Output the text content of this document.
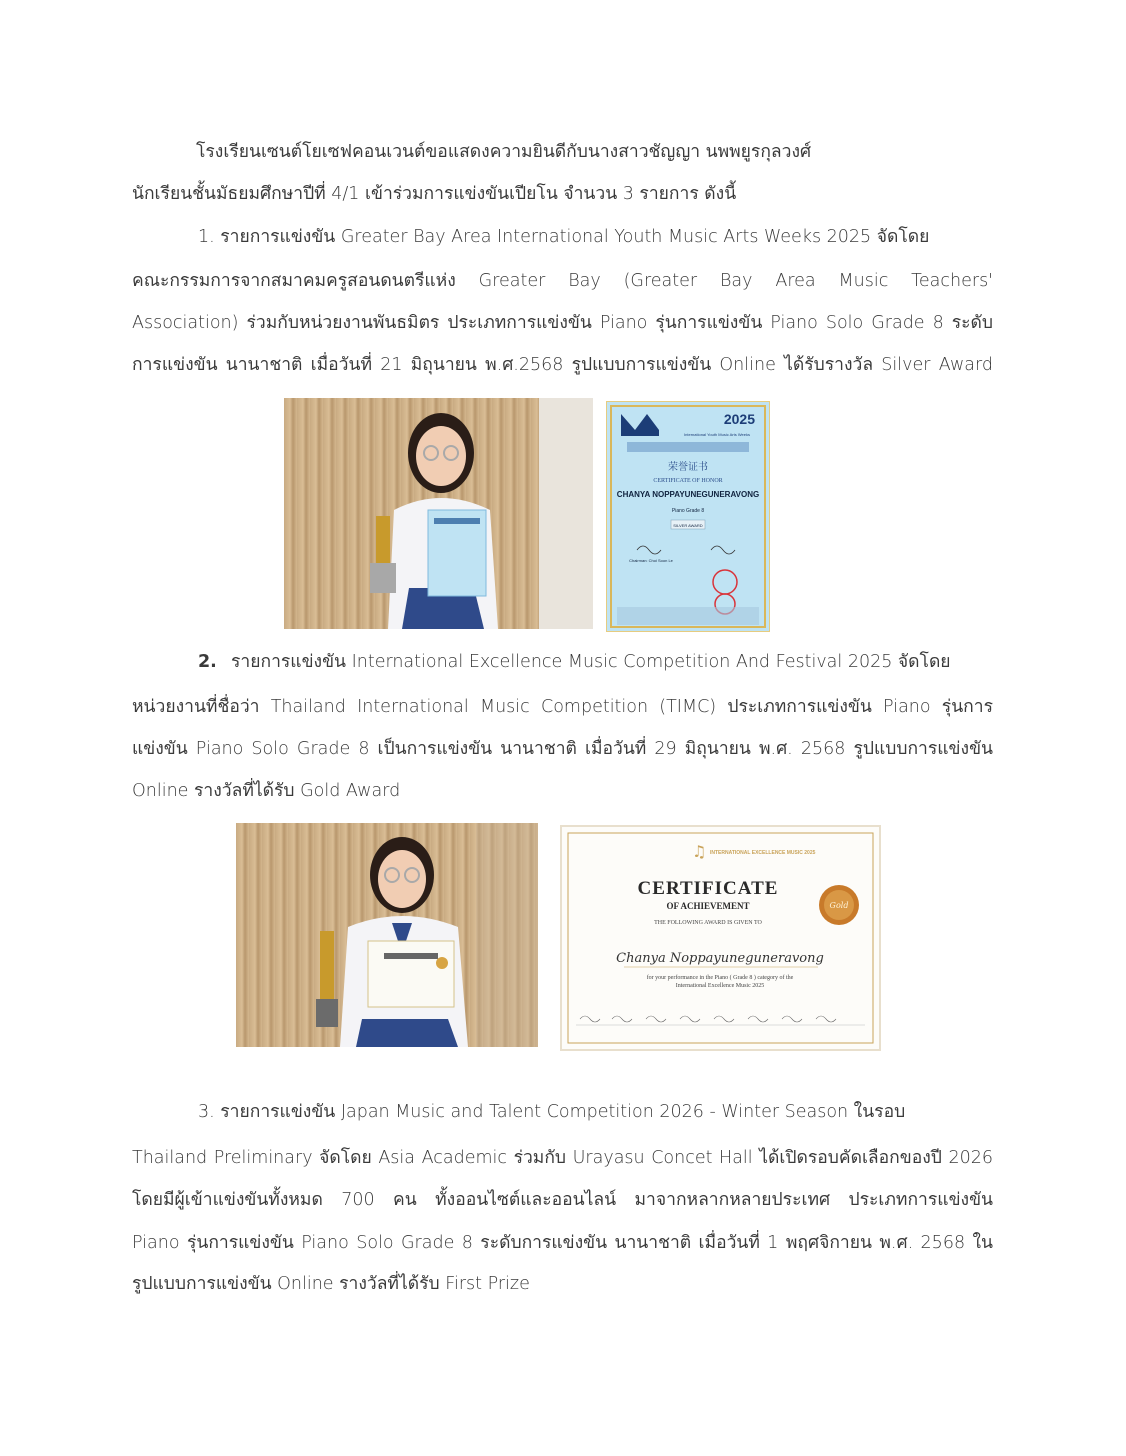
โรงเรียนเซนต์โยเซฟคอนเวนต์ขอแสดงความยินดีกับนางสาวชัญญา นพพยูรกุลวงศ์
นักเรียนชั้นมัธยมศึกษาปีที่ 4/1 เข้าร่วมการแข่งขันเปียโน จำนวน 3 รายการ ดังนี้
1. รายการแข่งขัน Greater Bay Area International Youth Music Arts Weeks 2025 จัดโดย
คณะกรรมการจากสมาคมครูสอนดนตรีแห่ง Greater Bay (Greater Bay Area Music Teachers'
Association) ร่วมกับหน่วยงานพันธมิตร ประเภทการแข่งขัน Piano รุ่นการแข่งขัน Piano Solo Grade 8 ระดับ
การแข่งขัน นานาชาติ เมื่อวันที่ 21 มิถุนายน พ.ศ.2568 รูปแบบการแข่งขัน Online ได้รับรางวัล Silver Award
2025
International Youth Music Arts Weeks
荣誉证书
CERTIFICATE OF HONOR
CHANYA NOPPAYUNEGUNERAVONG
Piano Grade 8
SILVER AWARD
Chairman: Choi Soon Le
2. รายการแข่งขัน International Excellence Music Competition And Festival 2025 จัดโดย
หน่วยงานที่ชื่อว่า Thailand International Music Competition (TIMC) ประเภทการแข่งขัน Piano รุ่นการ
แข่งขัน Piano Solo Grade 8 เป็นการแข่งขัน นานาชาติ เมื่อวันที่ 29 มิถุนายน พ.ศ. 2568 รูปแบบการแข่งขัน
Online รางวัลที่ได้รับ Gold Award
♫ INTERNATIONAL EXCELLENCE MUSIC 2025
CERTIFICATE
OF ACHIEVEMENT
THE FOLLOWING AWARD IS GIVEN TO
Gold
Chanya Noppayuneguneravong
for your performance in the Piano ( Grade 8 ) category of the
International Excellence Music 2025
3. รายการแข่งขัน Japan Music and Talent Competition 2026 - Winter Season ในรอบ
Thailand Preliminary จัดโดย Asia Academic ร่วมกับ Urayasu Concet Hall ได้เปิดรอบคัดเลือกของปี 2026
โดยมีผู้เข้าแข่งขันทั้งหมด 700 คน ทั้งออนไซต์และออนไลน์ มาจากหลากหลายประเทศ ประเภทการแข่งขัน
Piano รุ่นการแข่งขัน Piano Solo Grade 8 ระดับการแข่งขัน นานาชาติ เมื่อวันที่ 1 พฤศจิกายน พ.ศ. 2568 ใน
รูปแบบการแข่งขัน Online รางวัลที่ได้รับ First Prize
